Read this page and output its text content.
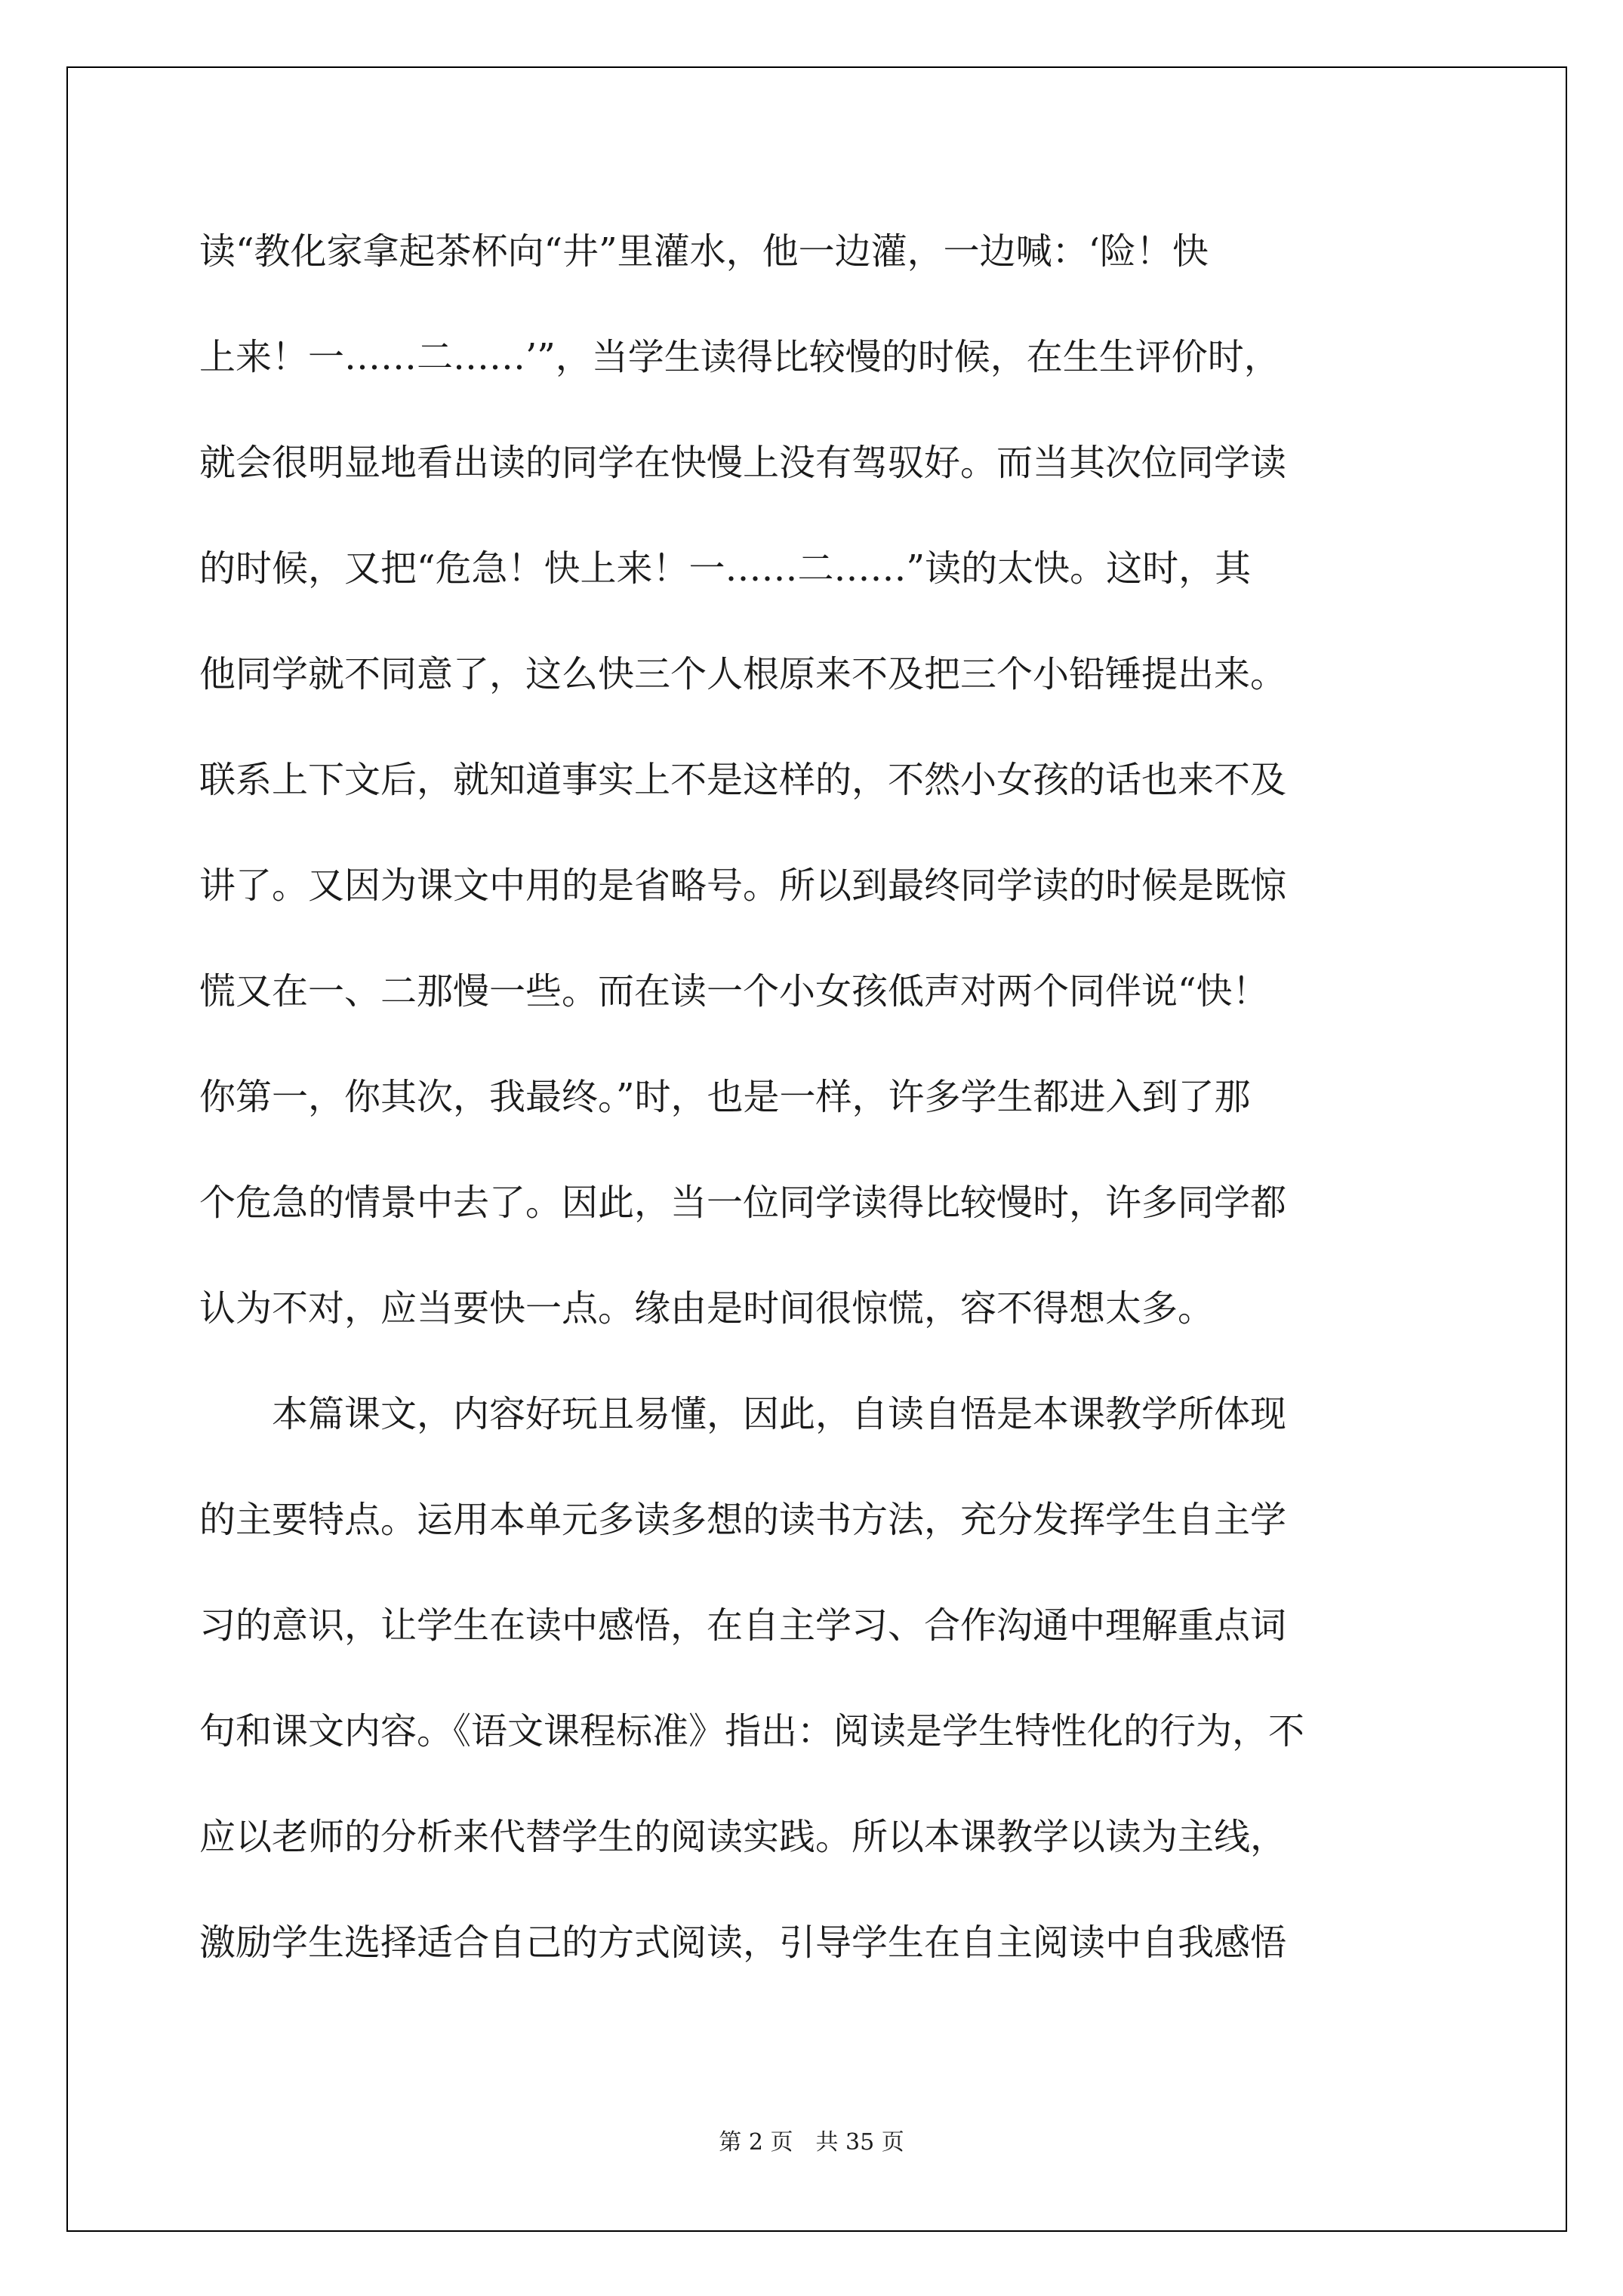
读“教化家拿起茶杯向“井”里灌水，他一边灌，一边喊：‘险！快
上来！一……二……’”，当学生读得比较慢的时候，在生生评价时，
就会很明显地看出读的同学在快慢上没有驾驭好。而当其次位同学读
的时候，又把“危急！快上来！一……二……”读的太快。这时，其
他同学就不同意了，这么快三个人根原来不及把三个小铅锤提出来。
联系上下文后，就知道事实上不是这样的，不然小女孩的话也来不及
讲了。又因为课文中用的是省略号。所以到最终同学读的时候是既惊
慌又在一、二那慢一些。而在读一个小女孩低声对两个同伴说“快！
你第一，你其次，我最终。”时，也是一样，许多学生都进入到了那
个危急的情景中去了。因此，当一位同学读得比较慢时，许多同学都
认为不对，应当要快一点。缘由是时间很惊慌，容不得想太多。
　　本篇课文，内容好玩且易懂，因此，自读自悟是本课教学所体现
的主要特点。运用本单元多读多想的读书方法，充分发挥学生自主学
习的意识，让学生在读中感悟，在自主学习、合作沟通中理解重点词
句和课文内容。《语文课程标准》指出：阅读是学生特性化的行为，不
应以老师的分析来代替学生的阅读实践。所以本课教学以读为主线，
激励学生选择适合自己的方式阅读，引导学生在自主阅读中自我感悟
第 2 页　共 35 页
